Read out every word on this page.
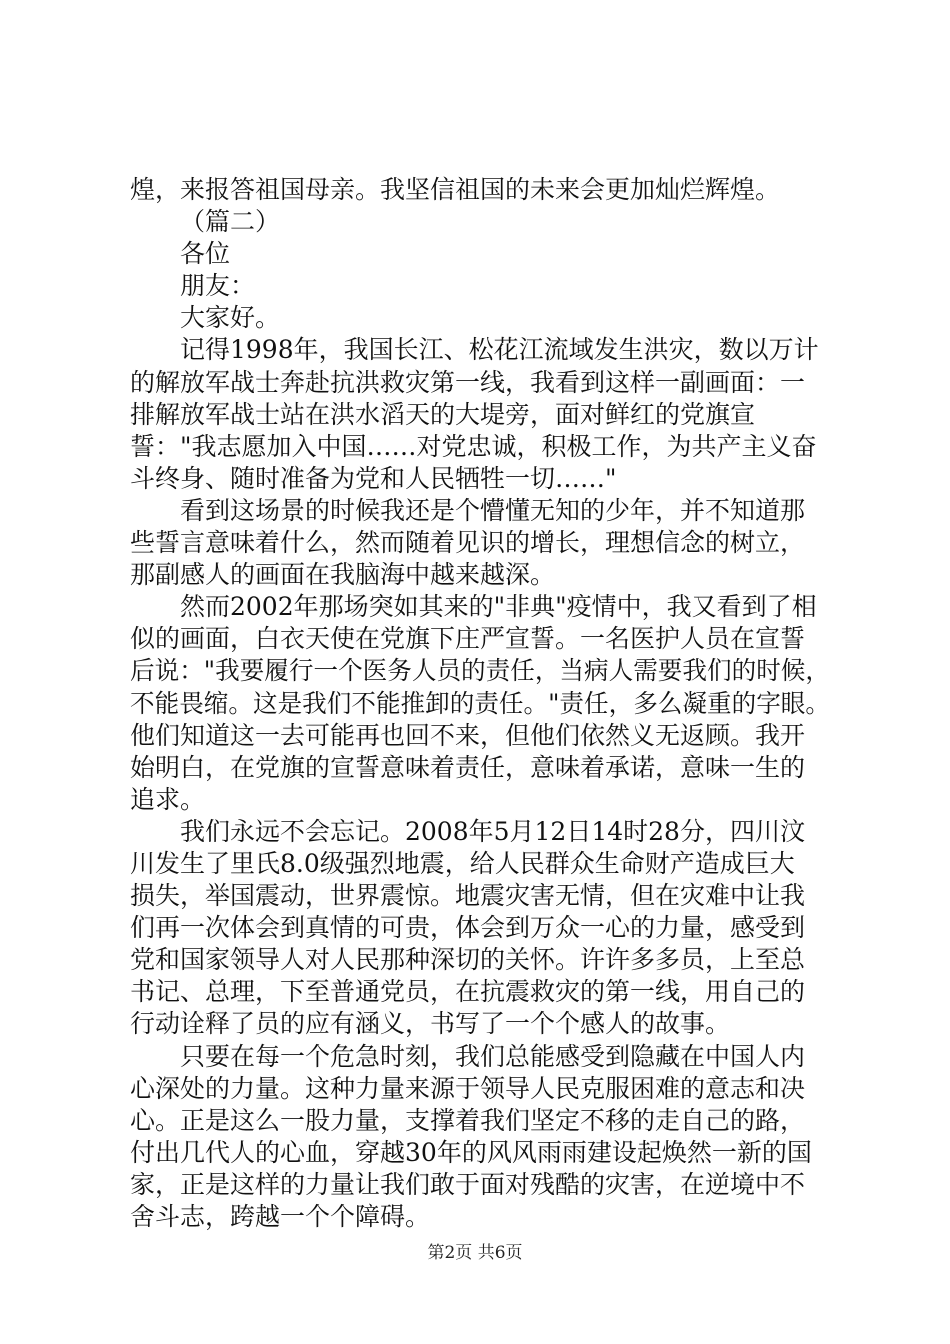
煌，来报答祖国母亲。我坚信祖国的未来会更加灿烂辉煌。
（篇二）
各位
朋友：
大家好。
记得1998年，我国长江、松花江流域发生洪灾，数以万计
的解放军战士奔赴抗洪救灾第一线，我看到这样一副画面：一
排解放军战士站在洪水滔天的大堤旁，面对鲜红的党旗宣
誓："我志愿加入中国……对党忠诚，积极工作，为共产主义奋
斗终身、随时准备为党和人民牺牲一切……"
看到这场景的时候我还是个懵懂无知的少年，并不知道那
些誓言意味着什么，然而随着见识的增长，理想信念的树立，
那副感人的画面在我脑海中越来越深。
然而2002年那场突如其来的"非典"疫情中，我又看到了相
似的画面，白衣天使在党旗下庄严宣誓。一名医护人员在宣誓
后说："我要履行一个医务人员的责任，当病人需要我们的时候，
不能畏缩。这是我们不能推卸的责任。"责任，多么凝重的字眼。
他们知道这一去可能再也回不来，但他们依然义无返顾。我开
始明白，在党旗的宣誓意味着责任，意味着承诺，意味一生的
追求。
我们永远不会忘记。2008年5月12日14时28分，四川汶
川发生了里氏8.0级强烈地震，给人民群众生命财产造成巨大
损失，举国震动，世界震惊。地震灾害无情，但在灾难中让我
们再一次体会到真情的可贵，体会到万众一心的力量，感受到
党和国家领导人对人民那种深切的关怀。许许多多员，上至总
书记、总理，下至普通党员，在抗震救灾的第一线，用自己的
行动诠释了员的应有涵义，书写了一个个感人的故事。
只要在每一个危急时刻，我们总能感受到隐藏在中国人内
心深处的力量。这种力量来源于领导人民克服困难的意志和决
心。正是这么一股力量，支撑着我们坚定不移的走自己的路，
付出几代人的心血，穿越30年的风风雨雨建设起焕然一新的国
家，正是这样的力量让我们敢于面对残酷的灾害，在逆境中不
舍斗志，跨越一个个障碍。
第2页 共6页
